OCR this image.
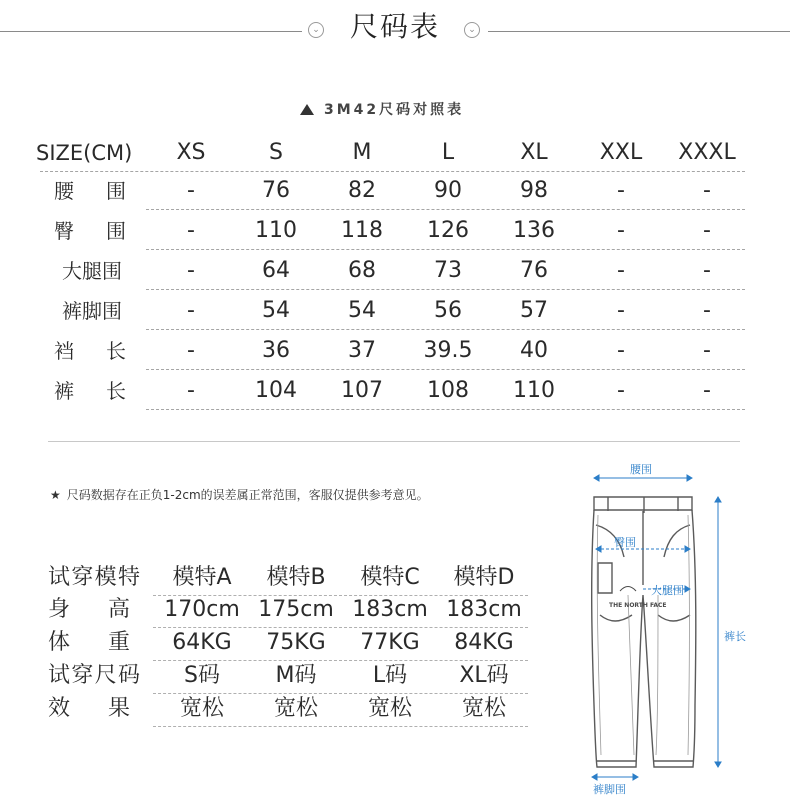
⌄	尺码表	⌄
3M42尺码对照表
SIZE(CM)	XS	S	M	L	XL	XXL	XXXL
腰 围	-	76	82	90	98	-	-
臀 围	-	110	118	126	136	-	-
大腿围	-	64	68	73	76	-	-
裤脚围	-	54	54	56	57	-	-
裆 长	-	36	37	39.5	40	-	-
裤 长	-	104	107	108	110	-	-
★ 尺码数据存在正负1-2cm的误差属正常范围，客服仅提供参考意见。
试穿模特	模特A	模特B	模特C	模特D
身高	170cm 175cm 183cm 183cm
体重	64KG	75KG	77KG	84KG
试穿尺码	S码	M码	L码	XL码
效果	宽松	宽松	宽松	宽松
THE NORTH FACE
腰围
臀围
大腿围
裤长
裤脚围
